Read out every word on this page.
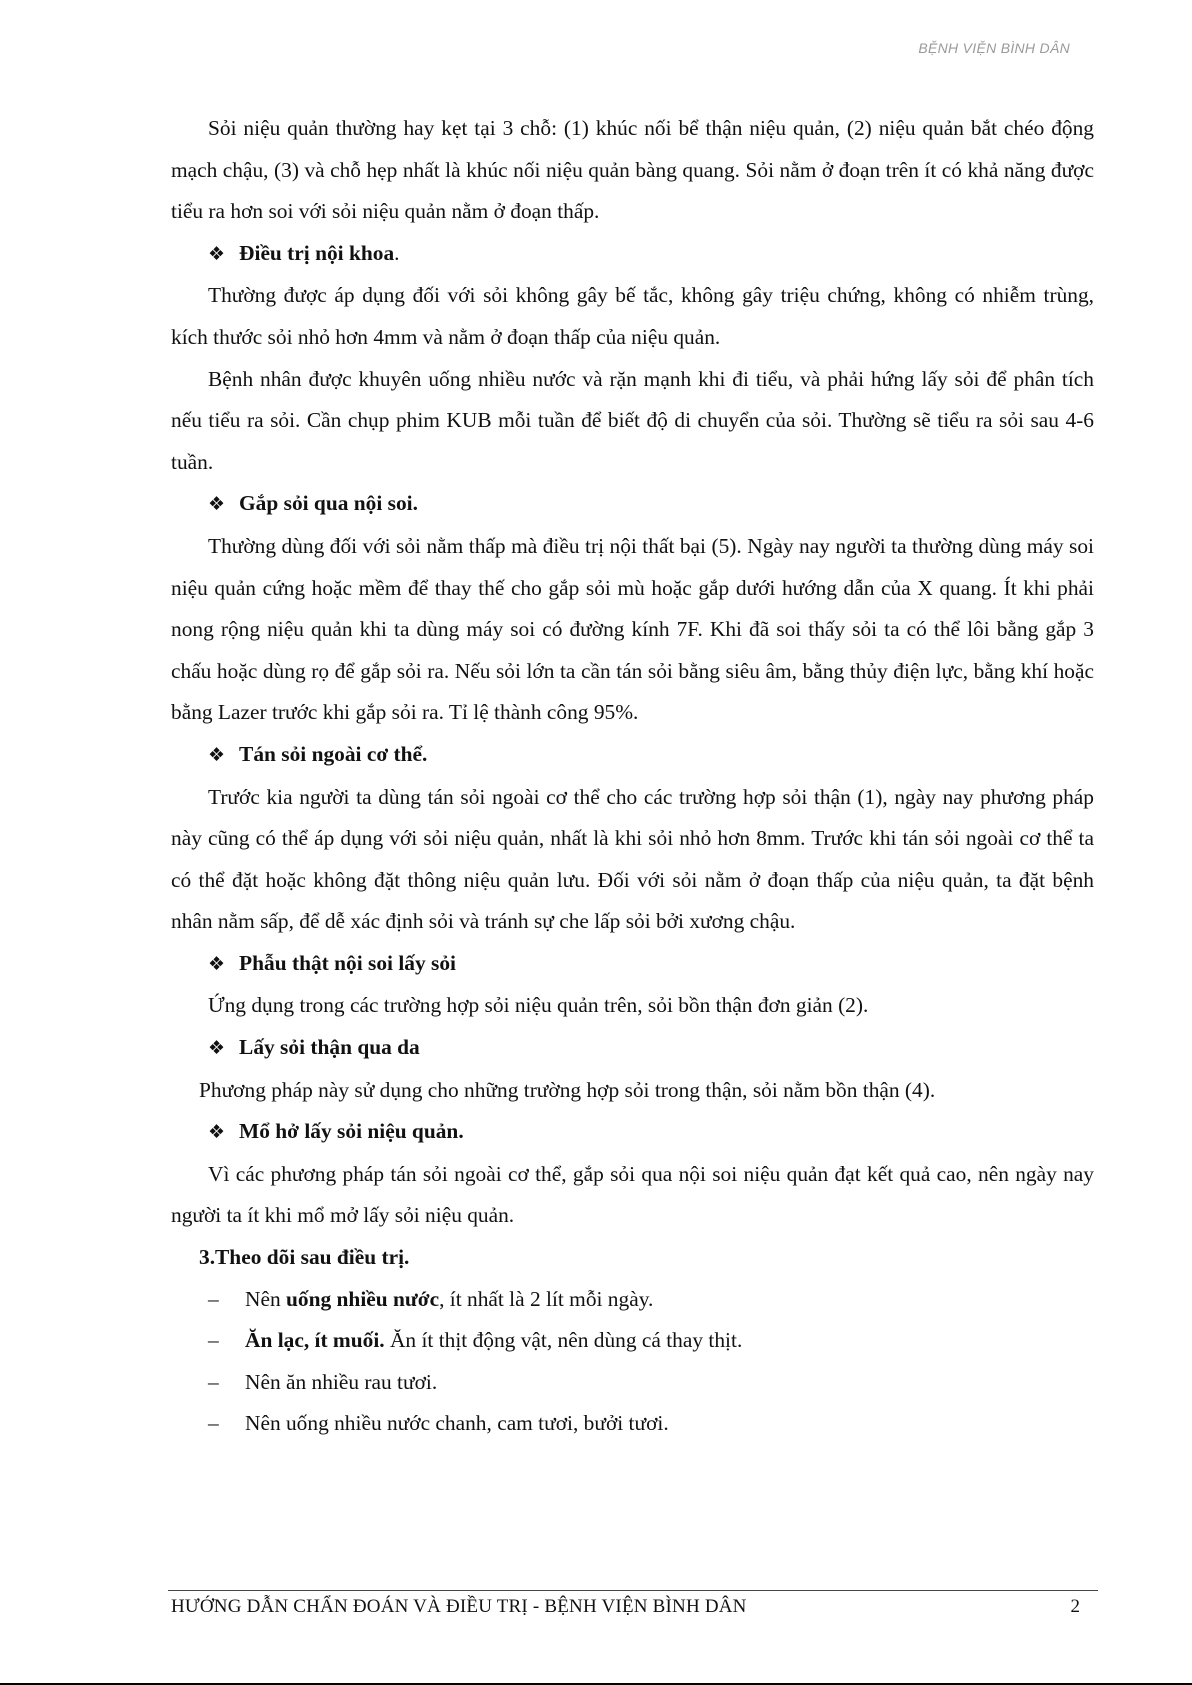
BỆNH VIỆN BÌNH DÂN

Sỏi niệu quản thường hay kẹt tại 3 chỗ: (1) khúc nối bể thận niệu quản, (2) niệu quản bắt chéo động mạch chậu, (3) và chỗ hẹp nhất là khúc nối niệu quản bàng quang. Sỏi nằm ở đoạn trên ít có khả năng được tiểu ra hơn soi với sỏi niệu quản nằm ở đoạn thấp.

❖ Điều trị nội khoa.

Thường được áp dụng đối với sỏi không gây bế tắc, không gây triệu chứng, không có nhiễm trùng, kích thước sỏi nhỏ hơn 4mm và nằm ở đoạn thấp của niệu quản.

Bệnh nhân được khuyên uống nhiều nước và rặn mạnh khi đi tiểu, và phải hứng lấy sỏi để phân tích nếu tiểu ra sỏi. Cần chụp phim KUB mỗi tuần để biết độ di chuyển của sỏi. Thường sẽ tiểu ra sỏi sau 4-6 tuần.

❖ Gắp sỏi qua nội soi.

Thường dùng đối với sỏi nằm thấp mà điều trị nội thất bại (5). Ngày nay người ta thường dùng máy soi niệu quản cứng hoặc mềm để thay thế cho gắp sỏi mù hoặc gắp dưới hướng dẫn của X quang. Ít khi phải nong rộng niệu quản khi ta dùng máy soi có đường kính 7F. Khi đã soi thấy sỏi ta có thể lôi bằng gắp 3 chấu hoặc dùng rọ để gắp sỏi ra. Nếu sỏi lớn ta cần tán sỏi bằng siêu âm, bằng thủy điện lực, bằng khí hoặc bằng Lazer trước khi gắp sỏi ra. Tỉ lệ thành công 95%.

❖ Tán sỏi ngoài cơ thể.

Trước kia người ta dùng tán sỏi ngoài cơ thể cho các trường hợp sỏi thận (1), ngày nay phương pháp này cũng có thể áp dụng với sỏi niệu quản, nhất là khi sỏi nhỏ hơn 8mm. Trước khi tán sỏi ngoài cơ thể ta có thể đặt hoặc không đặt thông niệu quản lưu. Đối với sỏi nằm ở đoạn thấp của niệu quản, ta đặt bệnh nhân nằm sấp, để dễ xác định sỏi và tránh sự che lấp sỏi bởi xương chậu.

❖ Phẫu thật nội soi lấy sỏi

Ứng dụng trong các trường hợp sỏi niệu quản trên, sỏi bồn thận đơn giản (2).

❖ Lấy sỏi thận qua da

Phương pháp này sử dụng cho những trường hợp sỏi trong thận, sỏi nằm bồn thận (4).

❖ Mổ hở lấy sỏi niệu quản.

Vì các phương pháp tán sỏi ngoài cơ thể, gắp sỏi qua nội soi niệu quản đạt kết quả cao, nên ngày nay người ta ít khi mổ mở lấy sỏi niệu quản.

3.Theo dõi sau điều trị.

– Nên uống nhiều nước, ít nhất là 2 lít mỗi ngày.

– Ăn lạc, ít muối. Ăn ít thịt động vật, nên dùng cá thay thịt.

– Nên ăn nhiều rau tươi.

– Nên uống nhiều nước chanh, cam tươi, bưởi tươi.

HƯỚNG DẪN CHẨN ĐOÁN VÀ ĐIỀU TRỊ - BỆNH VIỆN BÌNH DÂN	2
